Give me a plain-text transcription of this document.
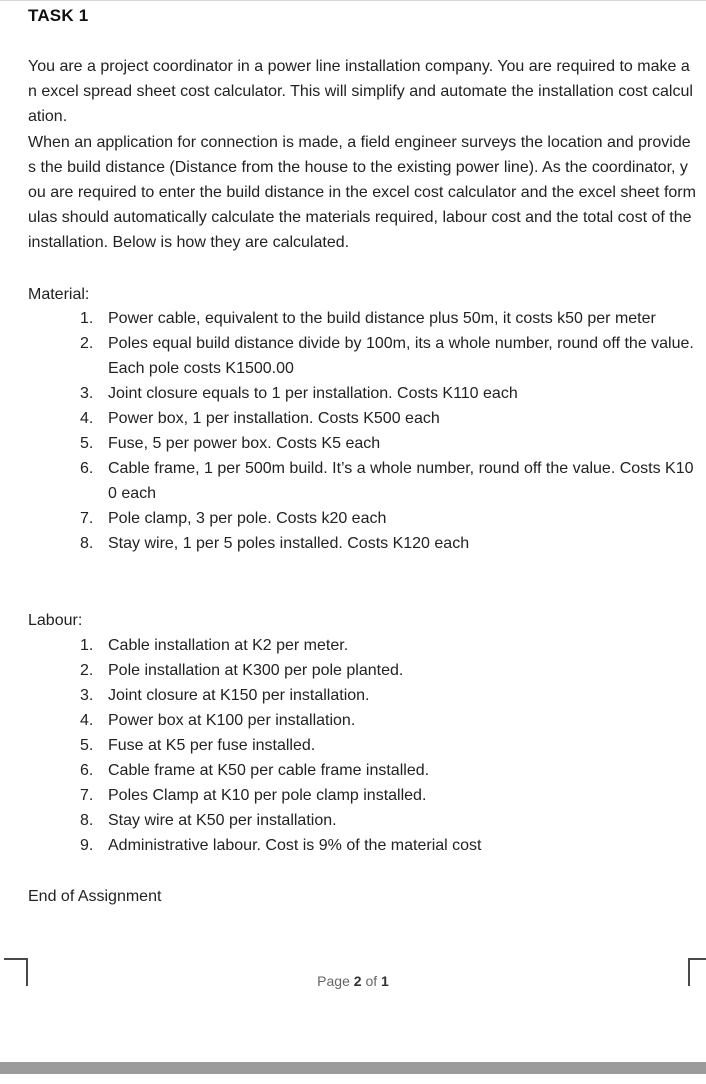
TASK 1

You are a project coordinator in a power line installation company. You are required to make an excel spread sheet cost calculator. This will simplify and automate the installation cost calculation.

When an application for connection is made, a field engineer surveys the location and provides the build distance (Distance from the house to the existing power line). As the coordinator, you are required to enter the build distance in the excel cost calculator and the excel sheet formulas should automatically calculate the materials required, labour cost and the total cost of the installation. Below is how they are calculated.

Material:

1. Power cable, equivalent to the build distance plus 50m, it costs k50 per meter
2. Poles equal build distance divide by 100m, its a whole number, round off the value. Each pole costs K1500.00
3. Joint closure equals to 1 per installation. Costs K110 each
4. Power box, 1 per installation. Costs K500 each
5. Fuse, 5 per power box. Costs K5 each
6. Cable frame, 1 per 500m build. It’s a whole number, round off the value. Costs K100 each
7. Pole clamp, 3 per pole. Costs k20 each
8. Stay wire, 1 per 5 poles installed. Costs K120 each

Labour:

1. Cable installation at K2 per meter.
2. Pole installation at K300 per pole planted.
3. Joint closure at K150 per installation.
4. Power box at K100 per installation.
5. Fuse at K5 per fuse installed.
6. Cable frame at K50 per cable frame installed.
7. Poles Clamp at K10 per pole clamp installed.
8. Stay wire at K50 per installation.
9. Administrative labour. Cost is 9% of the material cost

End of Assignment

Page 2 of 1
